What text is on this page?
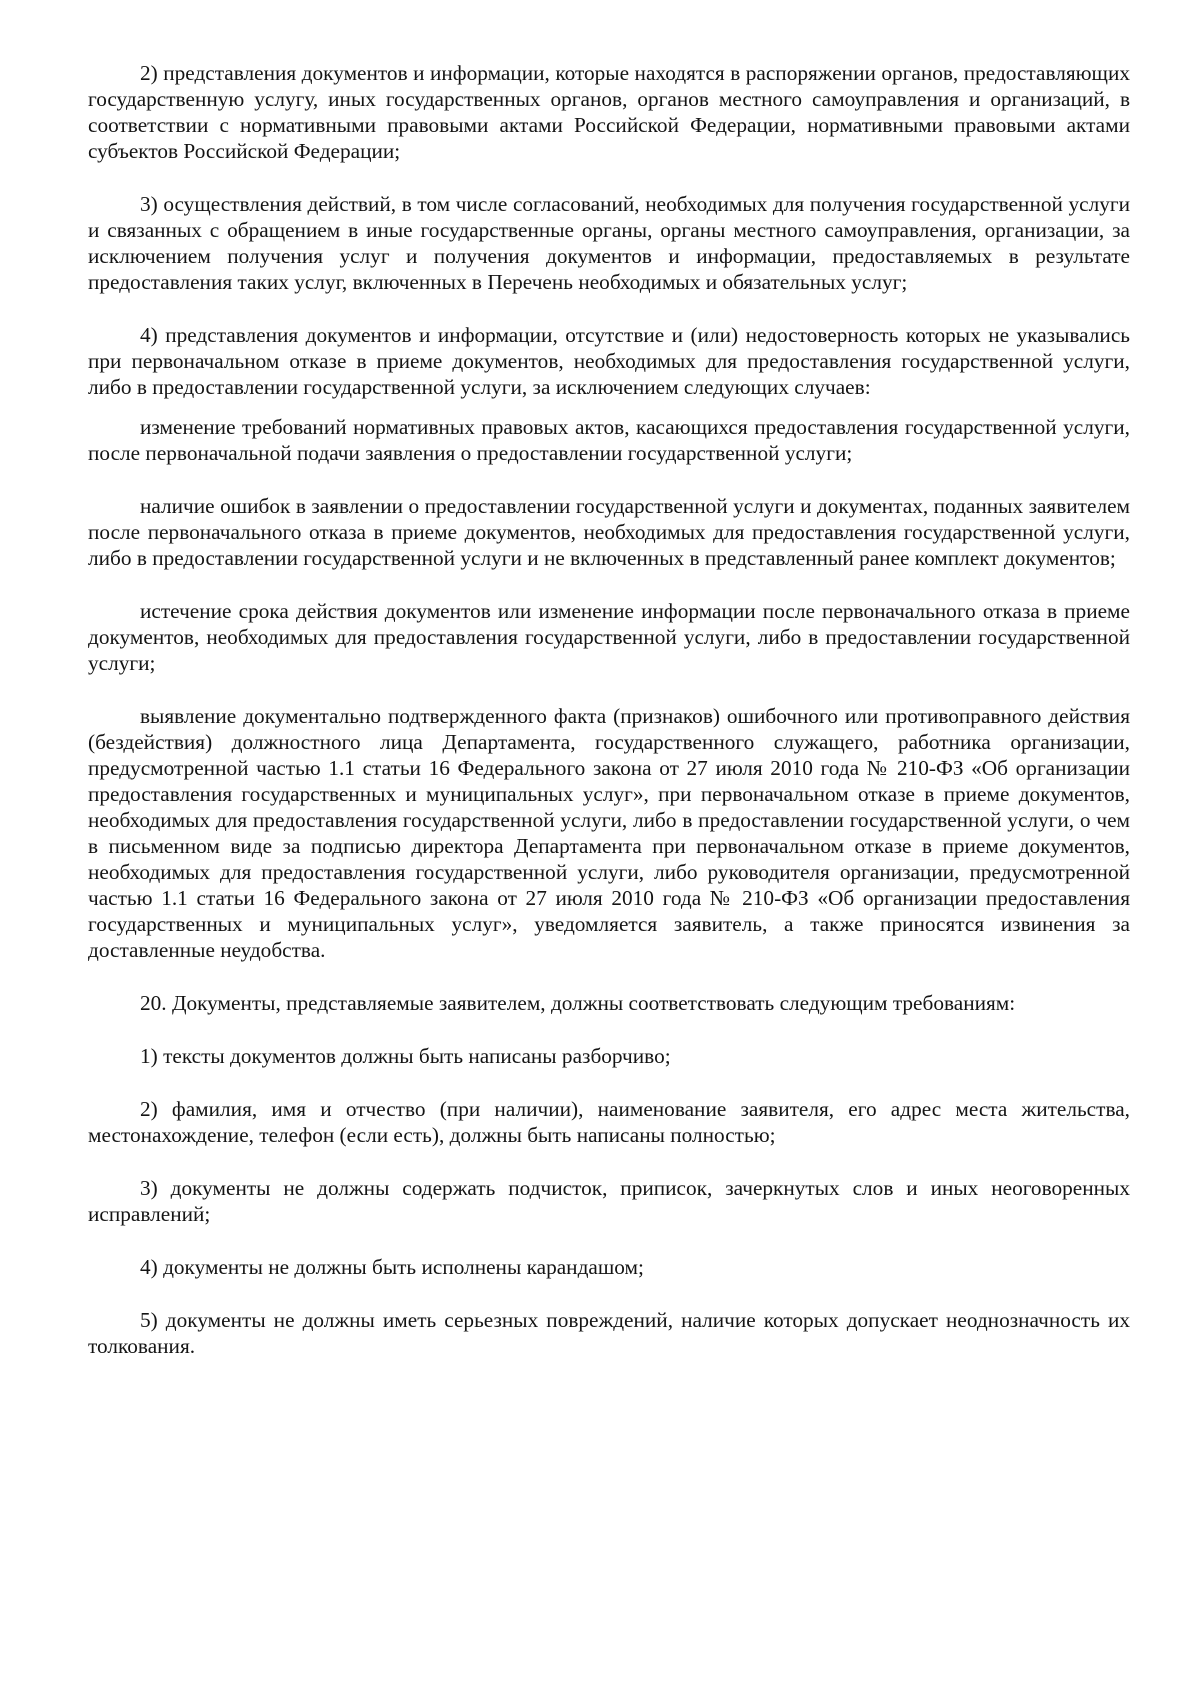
2) представления документов и информации, которые находятся в распоряжении органов, предоставляющих государственную услугу, иных государственных органов, органов местного самоуправления и организаций, в соответствии с нормативными правовыми актами Российской Федерации, нормативными правовыми актами субъектов Российской Федерации;

3) осуществления действий, в том числе согласований, необходимых для получения государственной услуги и связанных с обращением в иные государственные органы, органы местного самоуправления, организации, за исключением получения услуг и получения документов и информации, предоставляемых в результате предоставления таких услуг, включенных в Перечень необходимых и обязательных услуг;

4) представления документов и информации, отсутствие и (или) недостоверность которых не указывались при первоначальном отказе в приеме документов, необходимых для предоставления государственной услуги, либо в предоставлении государственной услуги, за исключением следующих случаев:

изменение требований нормативных правовых актов, касающихся предоставления государственной услуги, после первоначальной подачи заявления о предоставлении государственной услуги;

наличие ошибок в заявлении о предоставлении государственной услуги и документах, поданных заявителем после первоначального отказа в приеме документов, необходимых для предоставления государственной услуги, либо в предоставлении государственной услуги и не включенных в представленный ранее комплект документов;

истечение срока действия документов или изменение информации после первоначального отказа в приеме документов, необходимых для предоставления государственной услуги, либо в предоставлении государственной услуги;

выявление документально подтвержденного факта (признаков) ошибочного или противоправного действия (бездействия) должностного лица Департамента, государственного служащего, работника организации, предусмотренной частью 1.1 статьи 16 Федерального закона от 27 июля 2010 года № 210-ФЗ «Об организации предоставления государственных и муниципальных услуг», при первоначальном отказе в приеме документов, необходимых для предоставления государственной услуги, либо в предоставлении государственной услуги, о чем в письменном виде за подписью директора Департамента при первоначальном отказе в приеме документов, необходимых для предоставления государственной услуги, либо руководителя организации, предусмотренной частью 1.1 статьи 16 Федерального закона от 27 июля 2010 года № 210-ФЗ «Об организации предоставления государственных и муниципальных услуг», уведомляется заявитель, а также приносятся извинения за доставленные неудобства.

20. Документы, представляемые заявителем, должны соответствовать следующим требованиям:

1) тексты документов должны быть написаны разборчиво;

2) фамилия, имя и отчество (при наличии), наименование заявителя, его адрес места жительства, местонахождение, телефон (если есть), должны быть написаны полностью;

3) документы не должны содержать подчисток, приписок, зачеркнутых слов и иных неоговоренных исправлений;

4) документы не должны быть исполнены карандашом;

5) документы не должны иметь серьезных повреждений, наличие которых допускает неоднозначность их толкования.
